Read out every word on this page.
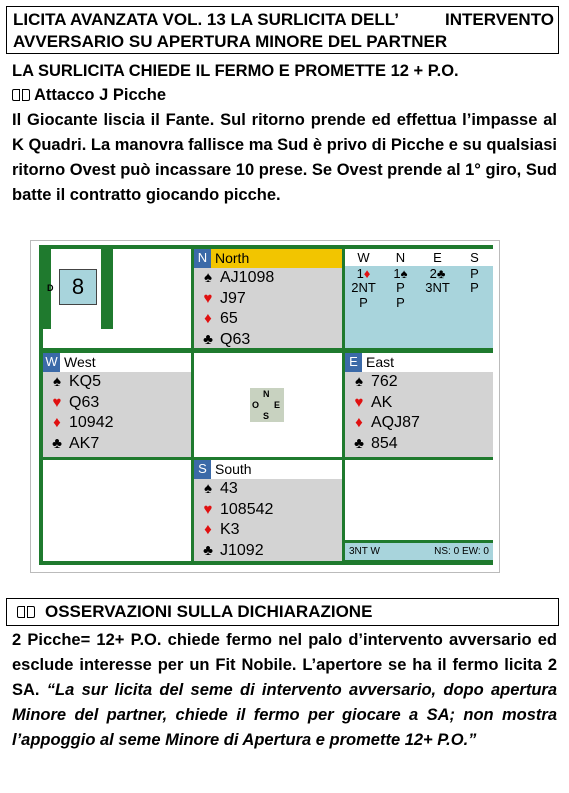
LICITA AVANZATA VOL. 13 LA SURLICITA DELL’	INTERVENTO
AVVERSARIO SU APERTURA MINORE DEL PARTNER
LA SURLICITA CHIEDE IL FERMO E PROMETTE 12 + P.O.
Attacco J Picche
Il Giocante liscia il Fante. Sul ritorno prende ed effettua l’impasse al K Quadri. La manovra fallisce ma Sud è privo di Picche e su qualsiasi ritorno Ovest può incassare 10 prese. Se Ovest prende al 1° giro, Sud batte il contratto giocando picche.
D 8
N North
♠ AJ1098
♥ J97
♦ 65
♣ Q63
W	N	E	S
1♦	1♠	2♣	P
2NT	P	3NT	P
P	P
W West
♠ KQ5
♥ Q63
♦ 10942
♣ AK7
N
O E
S
E East
♠ 762
♥ AK
♦ AQJ87
♣ 854
S South
♠ 43
♥ 108542
♦ K3
♣ J1092	3NT W	NS: 0 EW: 0
OSSERVAZIONI SULLA DICHIARAZIONE
2 Picche= 12+ P.O. chiede fermo nel palo d’intervento avversario ed esclude interesse per un Fit Nobile. L’apertore se ha il fermo licita 2 SA. “La sur licita del seme di intervento avversario, dopo apertura Minore del partner, chiede il fermo per giocare a SA; non mostra l’appoggio al seme Minore di Apertura e promette 12+ P.O.”
